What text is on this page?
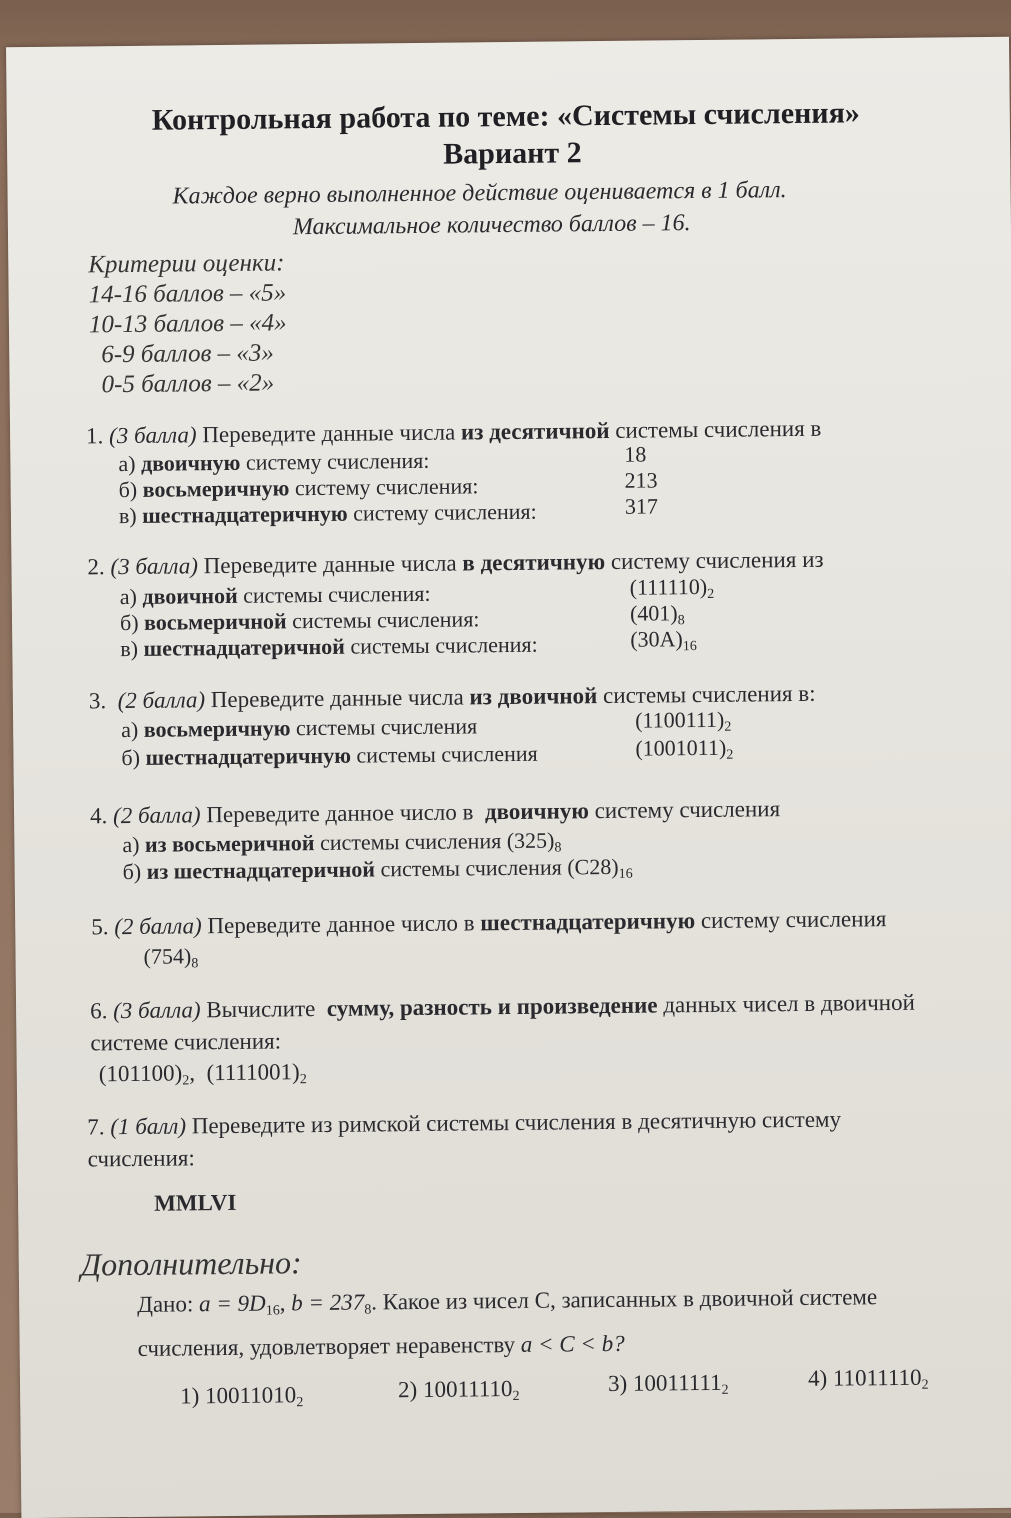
Контрольная работа по теме: «Системы счисления»
Вариант 2
Каждое верно выполненное действие оценивается в 1 балл.
Максимальное количество баллов – 16.
Критерии оценки:
14-16 баллов – «5»
10-13 баллов – «4»
6-9 баллов – «3»
0-5 баллов – «2»
1. (3 балла) Переведите данные числа из десятичной системы счисления в
а) двоичную систему счисления:	18
б) восьмеричную систему счисления:	213
в) шестнадцатеричную систему счисления:	317
2. (3 балла) Переведите данные числа в десятичную систему счисления из
а) двоичной системы счисления:	$(111110)_2$
б) восьмеричной системы счисления:	$(401)_8$
в) шестнадцатеричной системы счисления:	$(30A)_{16}$
3. (2 балла) Переведите данные числа из двоичной системы счисления в:
а) восьмеричную системы счисления	$(1100111)_2$
б) шестнадцатеричную системы счисления	$(1001011)_2$
4. (2 балла) Переведите данное число в двоичную систему счисления
а) из восьмеричной системы счисления $(325)_8$
б) из шестнадцатеричной системы счисления $(C28)_{16}$
5. (2 балла) Переведите данное число в шестнадцатеричную систему счисления
$(754)_8$
6. (3 балла) Вычислите сумму, разность и произведение данных чисел в двоичной
системе счисления:
$(101100)_2$, $(1111001)_2$
7. (1 балл) Переведите из римской системы счисления в десятичную систему
счисления:
MMLVI
Дополнительно:
Дано: $a = 9D_{16}$, $b = 237_8$. Какое из чисел С, записанных в двоичной системе
счисления, удовлетворяет неравенству a < C < b?
1) $10011010_2$
2) $10011110_2$
3) $10011111_2$	4) $11011110_2$
